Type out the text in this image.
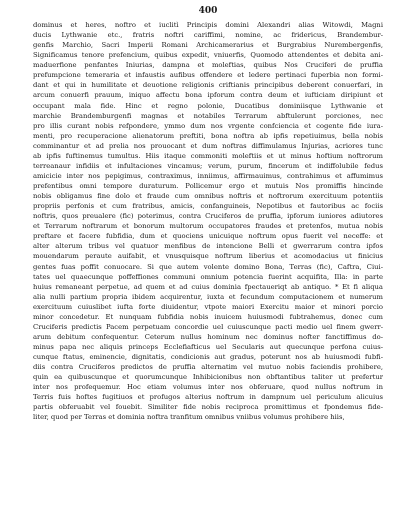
400
dominus et heres, noftro et iuclitì Principis domini Alexandri alias Witowdi, Magni
ducis Lythwanie etc., fratris noftri cariffimi, nomine, ac fridericus, Brandembur-
genfis Marchio, Sacri Imperii Romani Archicamerarius et Burgrabius Nurembergenfis,
Significamus tenore prefencium, quibus expedit, vniuerfis, Quomodo attendentes et debita ani-
maduerfione penfantes Iniurias, dampna et moleftias, quibus Nos Cruciferi de pruffia
prefumpcione temeraria et infaustis aufibus offendere et ledere pertinaci fuperbia non formi-
dant et qui in humilitate et deuotione religionis criftianis principibus deberent conuerfari, in
arcum conuerfi prauum, iniquo affectu bona ipforum contra deum et iufticiam diripiunt et
occupant mala fide. Hinc et regno polonie, Ducatibus dominiisque Lythwanie et
marchie Brandemburgenfi magnas et notabiles Terrarum abftulerunt porciones, nec
pro illis curant nobis refpondere, ymmo dum nos vrgente confciencia et cogente fide iura-
menti, pro recuperacione alienatorum preftiti, bona noftra ab ipfis repetiuimus, bella nobis
comminantur et ad prelia nos prouocant et dum noftras diffimulamus Injurias, acriores tunc
ab ipfis fuftinemus tumultus. Hiis itaque commoniti moleftiis et ut minus hoftium noftrorum
terreanaur infidiis et infultaciones vincamus; verum, purum, fincerum et indiffolubile fedus
amicicie inter nos pepigimus, contraximus, inniimus, affirmauimus, contrahimus et affumimus
prefentibus omni tempore duraturum. Pollicemur ergo et mutuis Nos promiffis hincinde
nobis obligamus fine dolo et fraude cum omnibus noftris et noftrorum exercituum potentiis
propriis perfonis et cum fratribus, amicis, confanguineis, Nepotibus et fautoribus ac fociis
noftris, quos preualere (fic) poterimus, contra Cruciferos de pruffia, ipforum iuniores adiutores
et Terrarum noftrarum et bonorum multorum occupatores fraudes et pretenfos, mutua nobis
preftare et facere fubfidia, dum et quociens unicuique noftrum opus fuerit vel neceffe: et
alter alterum tribus vel quatuor menfibus de intencione Belli et gwerrarum contra ipfos
mouendarum peraute auifabit, et vnusquisque noftrum liberius et acomodacius ut finicius
gentes fuas poffit conuocare. Si que autem volente domino Bona, Terras (fic), Caftra, Ciui-
tates uel quaecunque poffeffiones communi omnium potencia fuerint acquifita, Illa: in parte
huius remaneant perpetue, ad quem et ad cuius dominia fpectaueriqt ab antiquo. * Et fi aliqua
alia nulli partium propria ibidem acquirentur, iuxta et fecundum computacionem et numerum
exercituum cuiuslibet iufta forte diuidentur, vtpote maiori Exercitu maior et minori porcio
minor concedetur. Et nunquam fubfidia nobis inuicem huiusmodi fubtrahemus, donec cum
Cruciferis predictis Pacem perpetuam concordie uel cuiuscunque pacti medio uel finem gwerr-
arum debitum confequentur. Ceterum nullus hominum nec dominus nofter fanctiffimus do-
minus papa nec aliquis princeps Ecclefiafticus uel Secularis aut quecunque perfona cuius-
cunque ftatus, eminencie, dignitatis, condicionis aut gradus, poterunt nos ab huiusmodi fubfi-
diis contra Cruciferos predictos de pruffia alternatim vel mutuo nobis faciendis prohibere,
quin ea quibuscunque et quorumcunque Inhibicionibus non obftantibus taliter ut prefertur
inter nos profequemur. Hoc etiam volumus inter nos obferuare, quod nullus noftrum in
Terris fuis hoftes fugitiuos et profugos alterius noftrum in dampnum uel periculum alicuius
partis obferuabit vel fouebit. Similiter fide nobis reciproca promittimus et fpondemus fide-
liter, quod per Terras et dominia noftra tranfitum omnibus vniibus volumus prohibere hiis,
